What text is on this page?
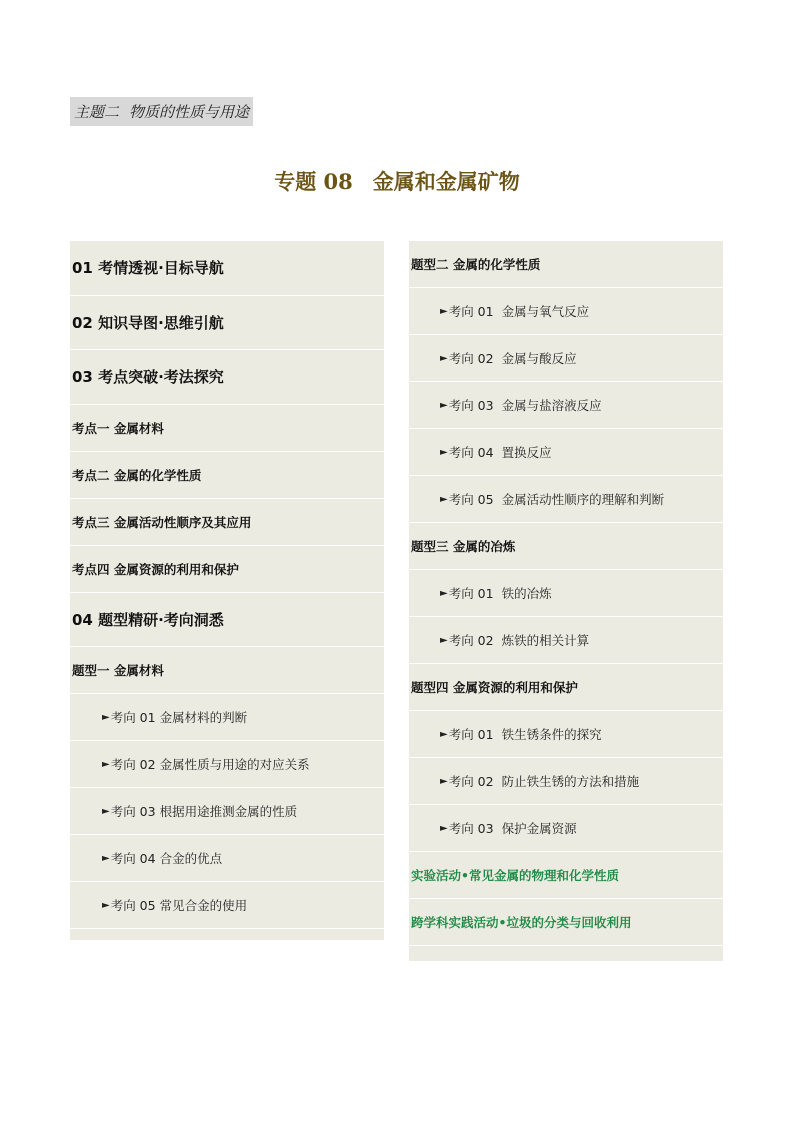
主题二 物质的性质与用途
专题 08 金属和金属矿物
01 考情透视·目标导航
02 知识导图·思维引航
03 考点突破·考法探究
考点一 金属材料
考点二 金属的化学性质
考点三 金属活动性顺序及其应用
考点四 金属资源的利用和保护
04 题型精研·考向洞悉
题型一 金属材料
► 考向 01 金属材料的判断
► 考向 02 金属性质与用途的对应关系
► 考向 03 根据用途推测金属的性质
► 考向 04 合金的优点
► 考向 05 常见合金的使用
题型二 金属的化学性质
► 考向 01 金属与氧气反应
► 考向 02 金属与酸反应
► 考向 03 金属与盐溶液反应
► 考向 04 置换反应
► 考向 05 金属活动性顺序的理解和判断
题型三 金属的冶炼
► 考向 01 铁的冶炼
► 考向 02 炼铁的相关计算
题型四 金属资源的利用和保护
► 考向 01 铁生锈条件的探究
► 考向 02 防止铁生锈的方法和措施
► 考向 03 保护金属资源
实验活动•常见金属的物理和化学性质
跨学科实践活动•垃圾的分类与回收利用
